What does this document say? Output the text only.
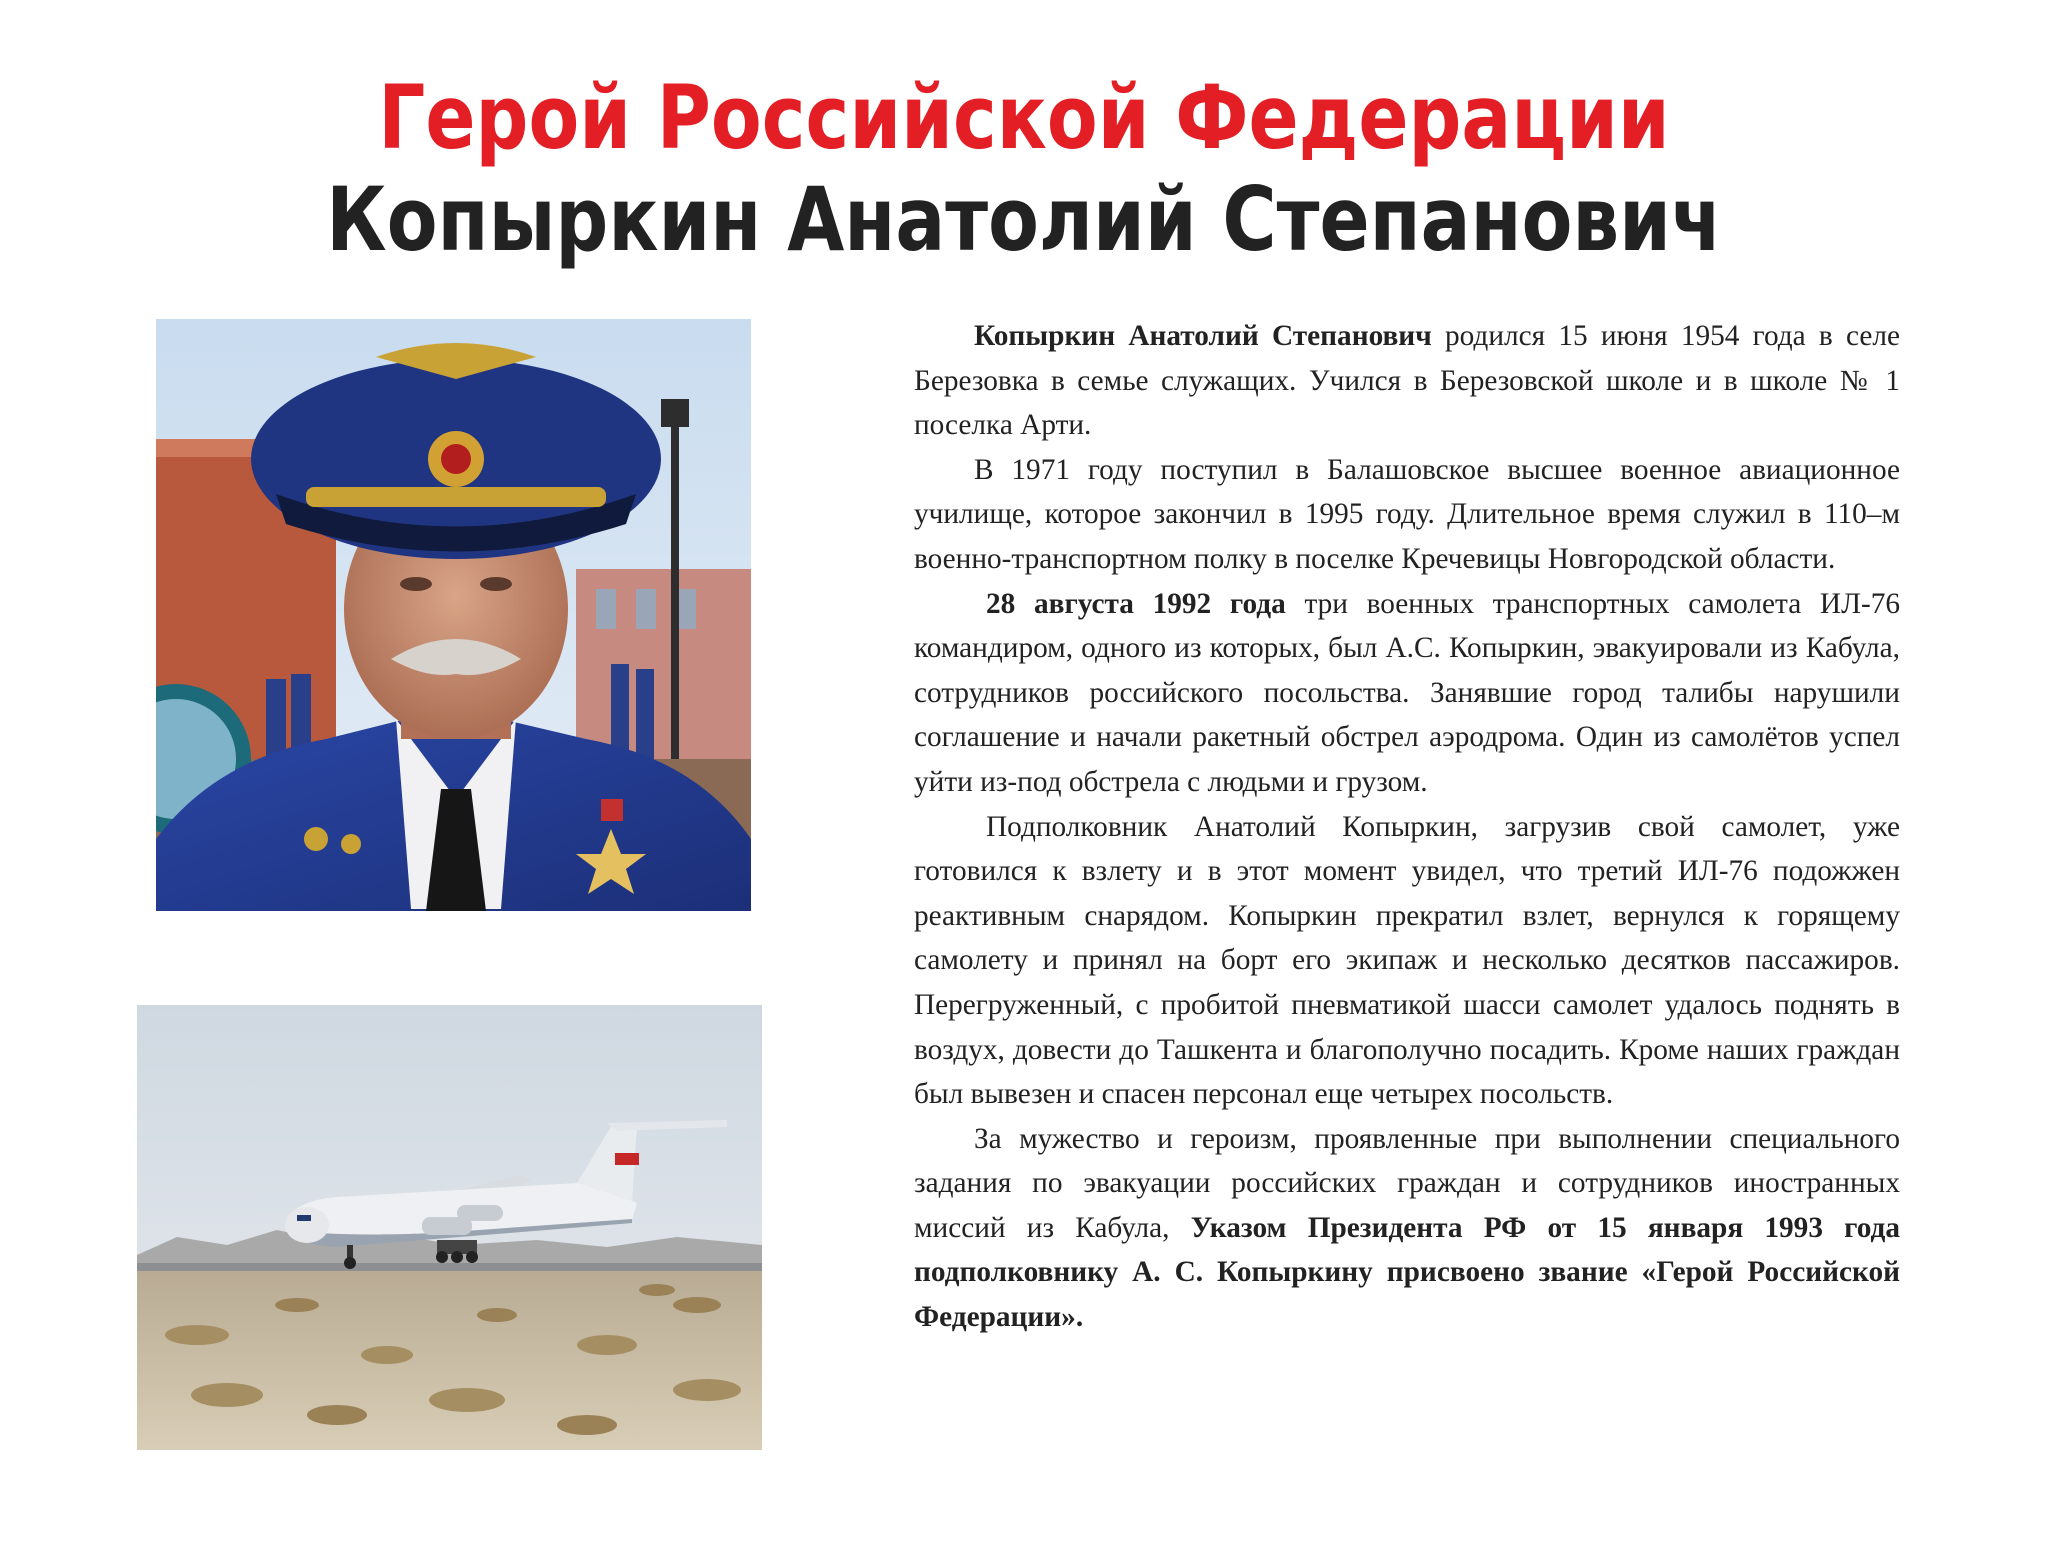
Герой Российской Федерации
Копыркин Анатолий Степанович

Копыркин Анатолий Степанович родился 15 июня 1954 года в селе Березовка в семье служащих. Учился в Березовской школе и в школе № 1 поселка Арти.

В 1971 году поступил в Балашовское высшее военное авиационное училище, которое закончил в 1995 году. Длительное время служил в 110–м военно-транспортном полку в поселке Кречевицы Новгородской области.

28 августа 1992 года три военных транспортных самолета ИЛ-76 командиром, одного из которых, был А.С. Копыркин, эвакуировали из Кабула, сотрудников российского посольства. Занявшие город талибы нарушили соглашение и начали ракетный обстрел аэродрома. Один из самолётов успел уйти из-под обстрела с людьми и грузом.

Подполковник Анатолий Копыркин, загрузив свой самолет, уже готовился к взлету и в этот момент увидел, что третий ИЛ-76 подожжен реактивным снарядом. Копыркин прекратил взлет, вернулся к горящему самолету и принял на борт его экипаж и несколько десятков пассажиров. Перегруженный, с пробитой пневматикой шасси самолет удалось поднять в воздух, довести до Ташкента и благополучно посадить. Кроме наших граждан был вывезен и спасен персонал еще четырех посольств.

За мужество и героизм, проявленные при выполнении специального задания по эвакуации российских граждан и сотрудников иностранных миссий из Кабула, Указом Президента РФ от 15 января 1993 года подполковнику А. С. Копыркину присвоено звание «Герой Российской Федерации».
